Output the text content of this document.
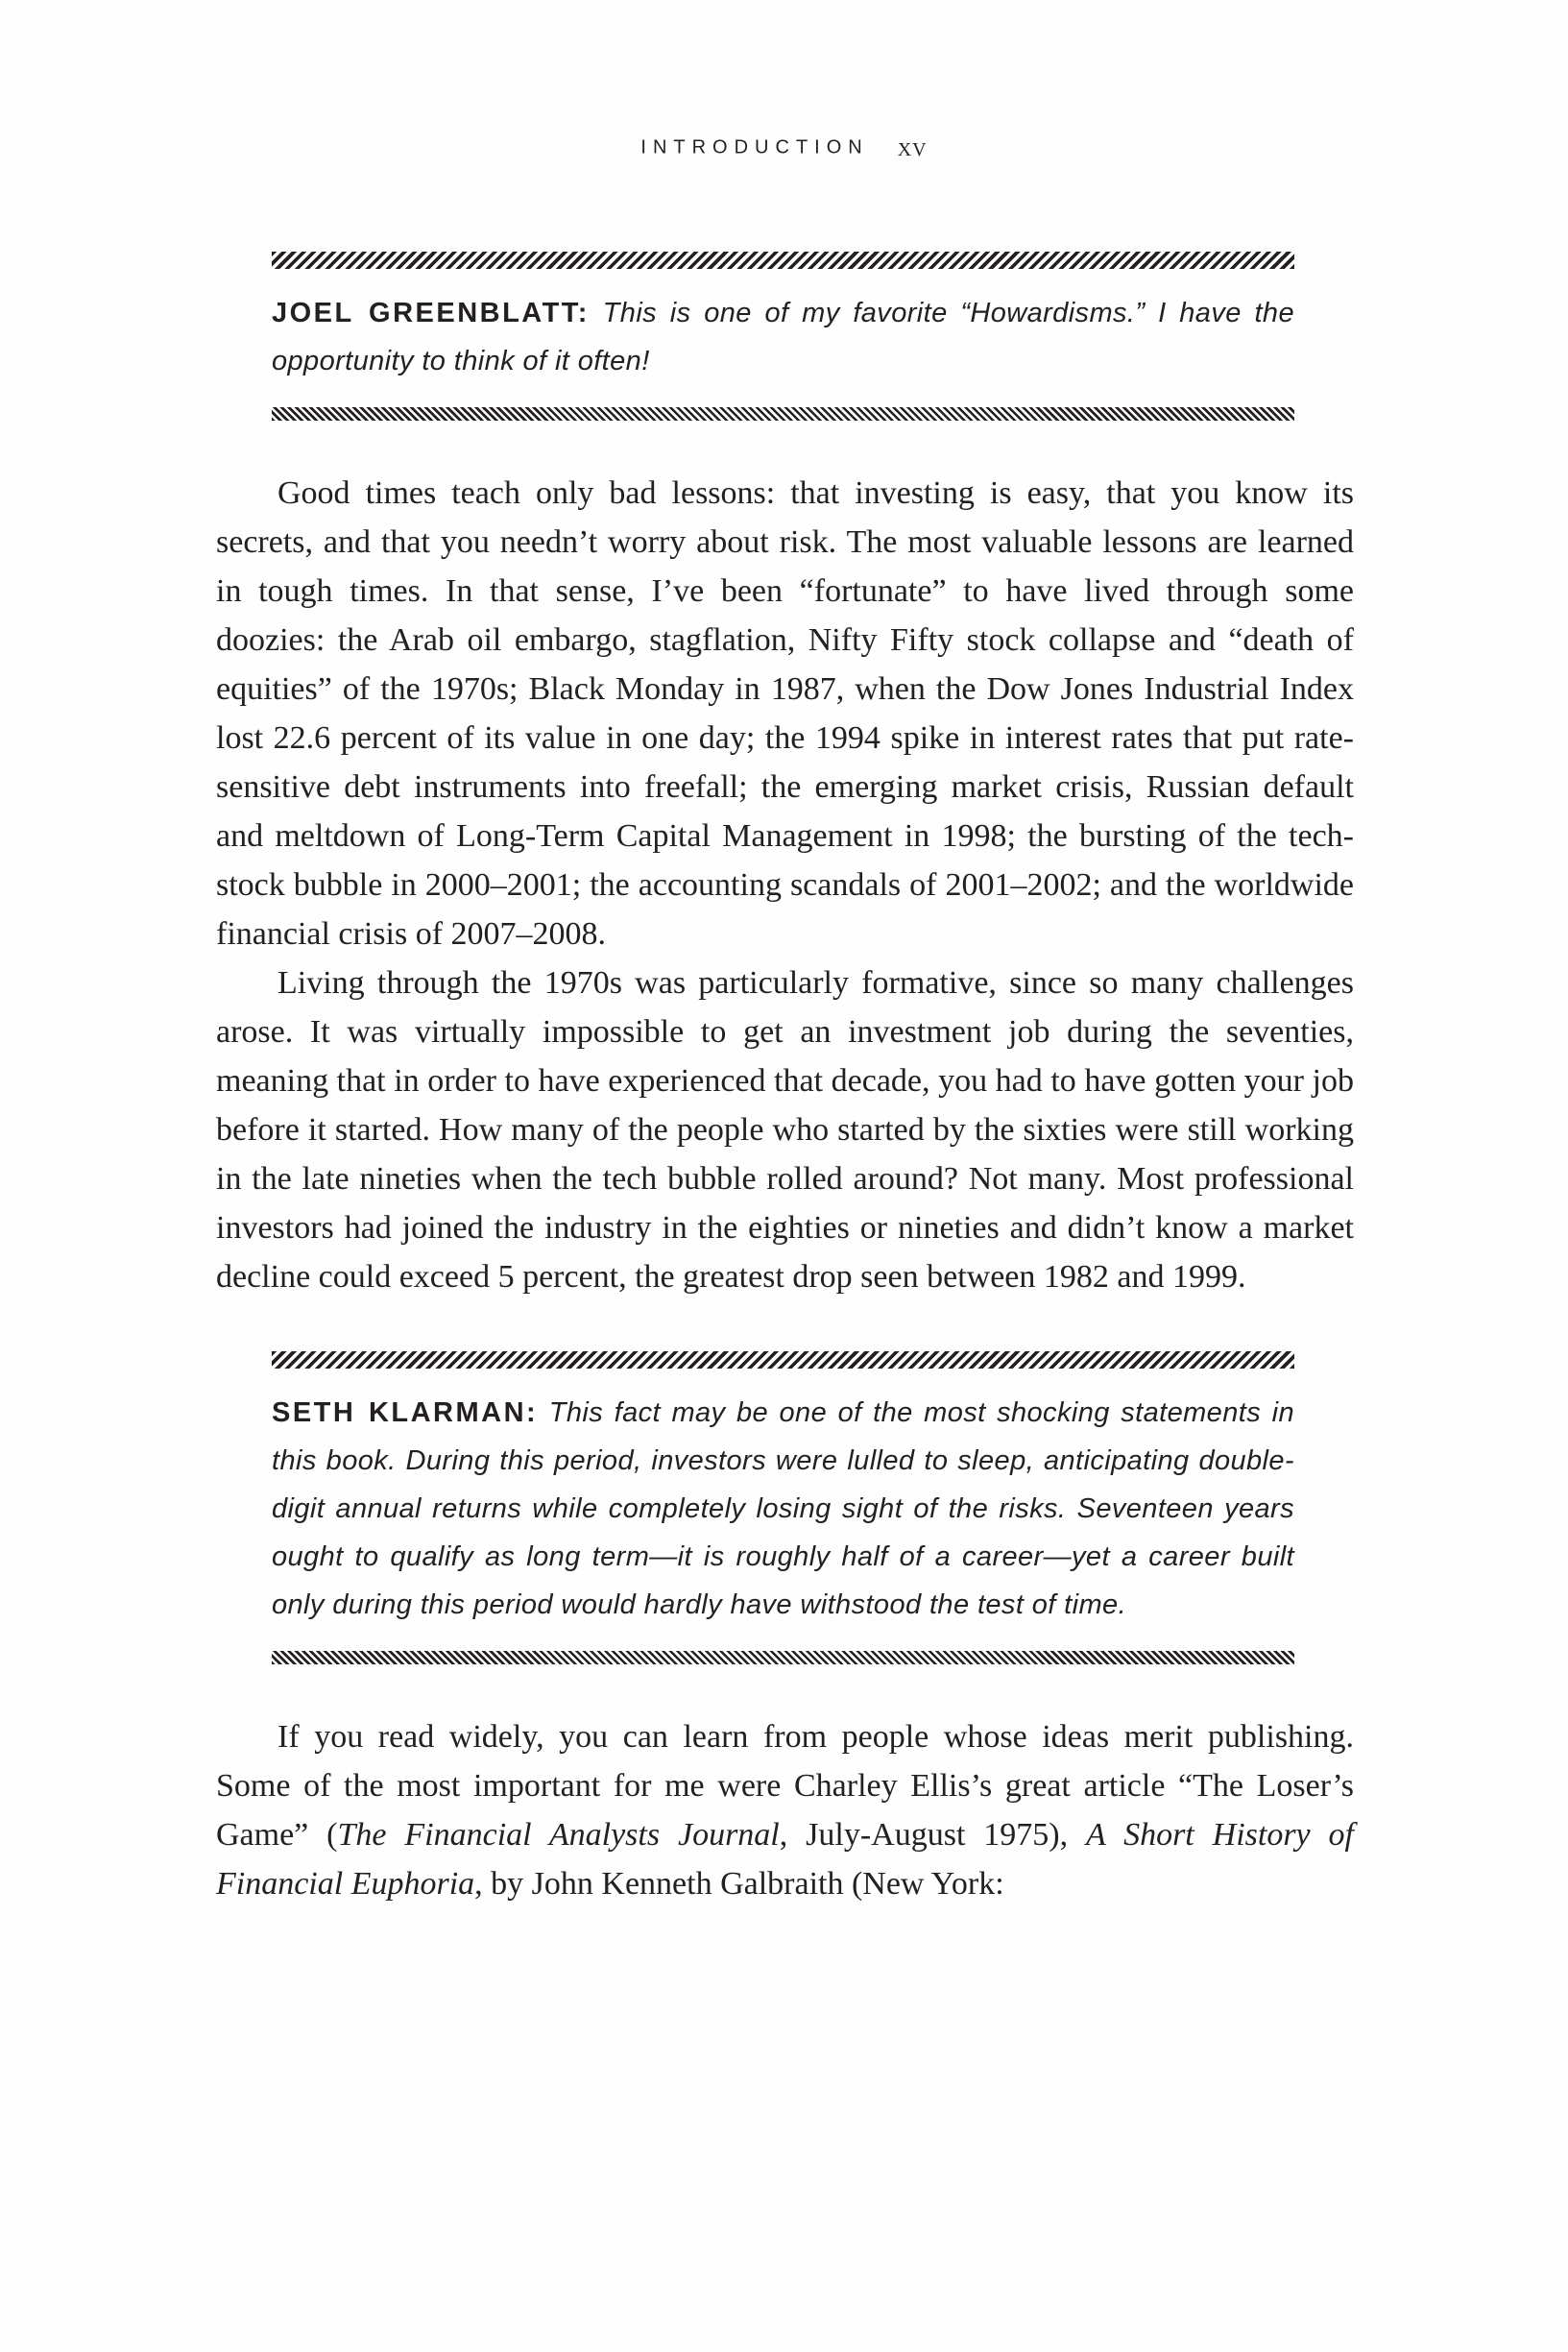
INTRODUCTION xv

JOEL GREENBLATT: This is one of my favorite “Howardisms.” I have the opportunity to think of it often!

Good times teach only bad lessons: that investing is easy, that you know its secrets, and that you needn’t worry about risk. The most valuable lessons are learned in tough times. In that sense, I’ve been “fortunate” to have lived through some doozies: the Arab oil embargo, stagflation, Nifty Fifty stock collapse and “death of equities” of the 1970s; Black Monday in 1987, when the Dow Jones Industrial Index lost 22.6 percent of its value in one day; the 1994 spike in interest rates that put rate-sensitive debt instruments into freefall; the emerging market crisis, Russian default and meltdown of Long-Term Capital Management in 1998; the bursting of the tech-stock bubble in 2000–2001; the accounting scandals of 2001–2002; and the worldwide financial crisis of 2007–2008.

Living through the 1970s was particularly formative, since so many challenges arose. It was virtually impossible to get an investment job during the seventies, meaning that in order to have experienced that decade, you had to have gotten your job before it started. How many of the people who started by the sixties were still working in the late nineties when the tech bubble rolled around? Not many. Most professional investors had joined the industry in the eighties or nineties and didn’t know a market decline could exceed 5 percent, the greatest drop seen between 1982 and 1999.

SETH KLARMAN: This fact may be one of the most shocking statements in this book. During this period, investors were lulled to sleep, anticipating double-digit annual returns while completely losing sight of the risks. Seventeen years ought to qualify as long term—it is roughly half of a career—yet a career built only during this period would hardly have withstood the test of time.

If you read widely, you can learn from people whose ideas merit publishing. Some of the most important for me were Charley Ellis’s great article “The Loser’s Game” (The Financial Analysts Journal, July-August 1975), A Short History of Financial Euphoria, by John Kenneth Galbraith (New York:
